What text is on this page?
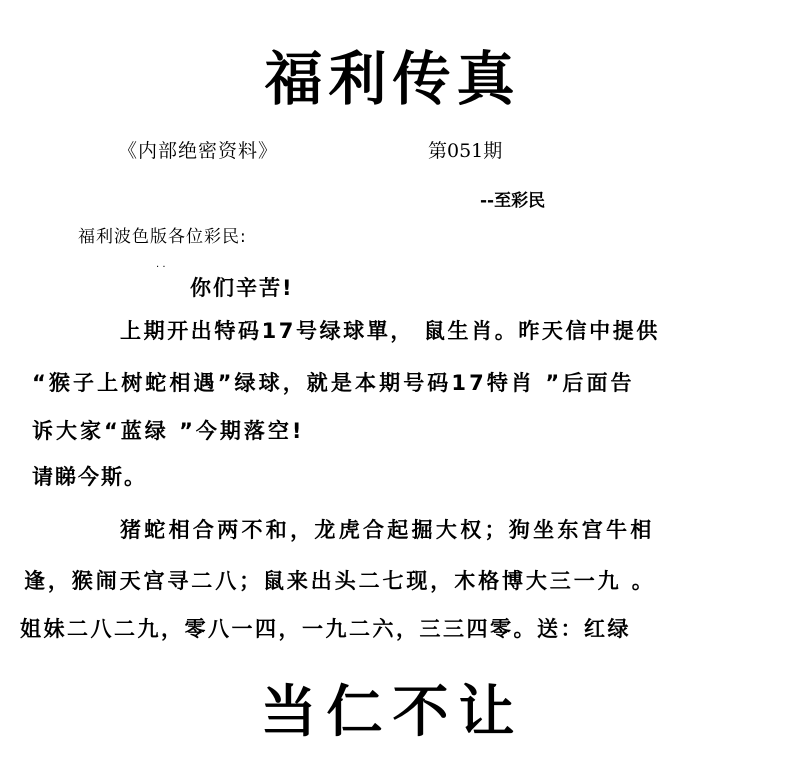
福利传真
《内部绝密资料》	第051期
--至彩民
福利波色版各位彩民:
· ·
你们辛苦!
上期开出特码17号绿球單， 鼠生肖。昨天信中提供
“猴子上树蛇相遇”绿球，就是本期号码17特肖 ”后面告
诉大家“蓝绿 ”今期落空!
请睇今斯。
猪蛇相合两不和，龙虎合起掘大权；狗坐东宫牛相
逢，猴闹天宫寻二八；鼠来出头二七现，木格博大三一九 。
姐妹二八二九，零八一四，一九二六，三三四零。送：红绿
当仁不让
